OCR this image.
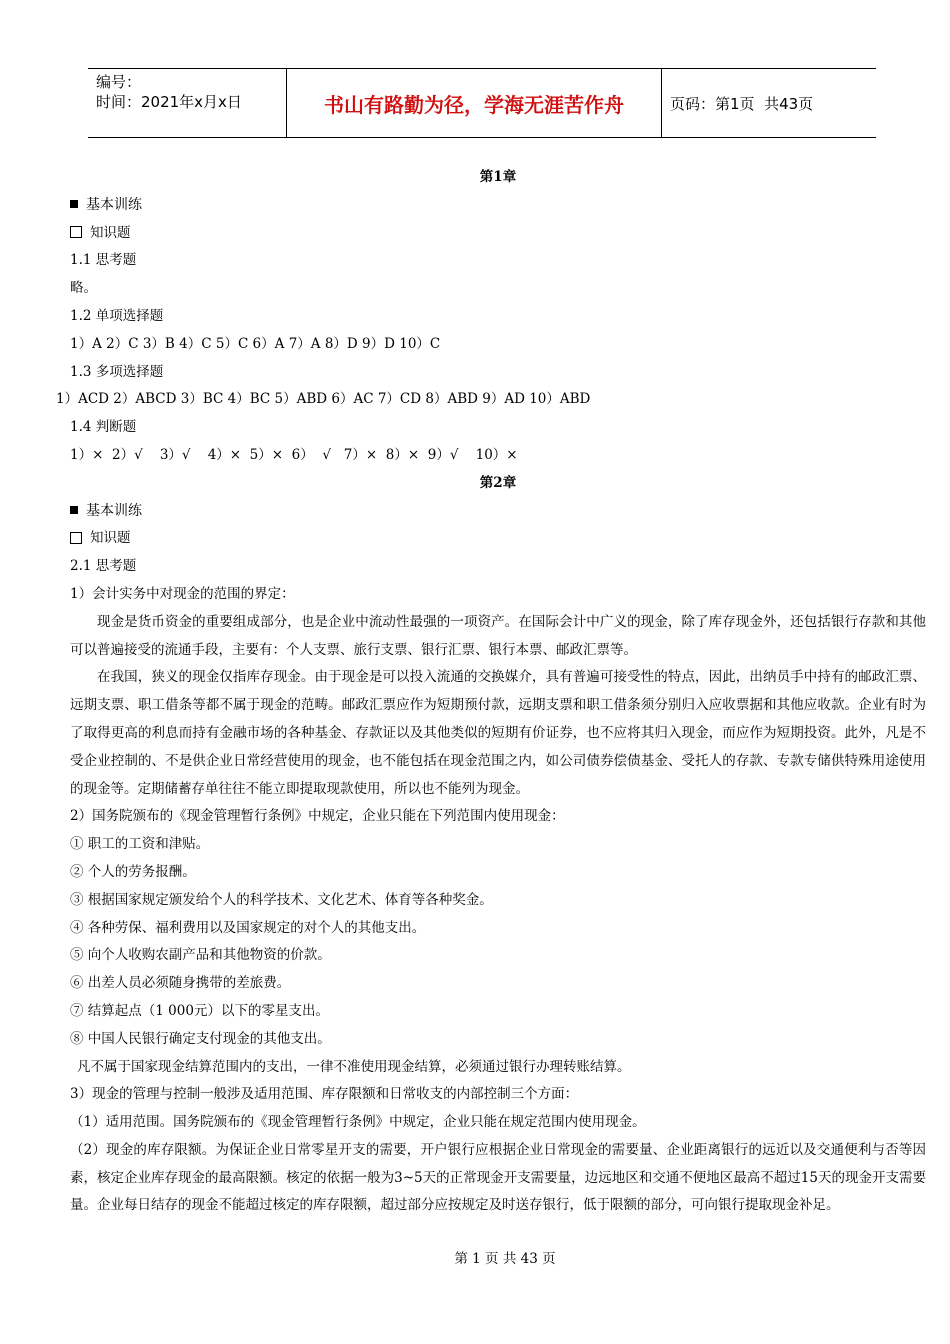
编号：
时间：2021年x月x日	书山有路勤为径，学海无涯苦作舟	页码：第1页  共43页
第1章
基本训练
知识题
1.1 思考题
略。
1.2 单项选择题
1）A 2）C 3）B 4）C 5）C 6）A 7）A 8）D 9）D 10）C
1.3 多项选择题
1）ACD 2）ABCD 3）BC 4）BC 5）ABD 6）AC 7）CD 8）ABD 9）AD 10）ABD
1.4 判断题
1）×  2）√    3）√    4）×  5）×  6）  √   7）×  8）×  9）√    10）×
第2章
基本训练
知识题
2.1 思考题
1）会计实务中对现金的范围的界定：

现金是货币资金的重要组成部分，也是企业中流动性最强的一项资产。在国际会计中广义的现金，除了库存现金外，还包括银行存款和其他可以普遍接受的流通手段，主要有：个人支票、旅行支票、银行汇票、银行本票、邮政汇票等。

在我国，狭义的现金仅指库存现金。由于现金是可以投入流通的交换媒介，具有普遍可接受性的特点，因此，出纳员手中持有的邮政汇票、远期支票、职工借条等都不属于现金的范畴。邮政汇票应作为短期预付款，远期支票和职工借条须分别归入应收票据和其他应收款。企业有时为了取得更高的利息而持有金融市场的各种基金、存款证以及其他类似的短期有价证券，也不应将其归入现金，而应作为短期投资。此外，凡是不受企业控制的、不是供企业日常经营使用的现金，也不能包括在现金范围之内，如公司债券偿债基金、受托人的存款、专款专储供特殊用途使用的现金等。定期储蓄存单往往不能立即提取现款使用，所以也不能列为现金。

2）国务院颁布的《现金管理暂行条例》中规定，企业只能在下列范围内使用现金：
① 职工的工资和津贴。
② 个人的劳务报酬。
③ 根据国家规定颁发给个人的科学技术、文化艺术、体育等各种奖金。
④ 各种劳保、福利费用以及国家规定的对个人的其他支出。
⑤ 向个人收购农副产品和其他物资的价款。
⑥ 出差人员必须随身携带的差旅费。
⑦ 结算起点（1 000元）以下的零星支出。
⑧ 中国人民银行确定支付现金的其他支出。
凡不属于国家现金结算范围内的支出，一律不准使用现金结算，必须通过银行办理转账结算。
3）现金的管理与控制一般涉及适用范围、库存限额和日常收支的内部控制三个方面：
（1）适用范围。国务院颁布的《现金管理暂行条例》中规定，企业只能在规定范围内使用现金。

（2）现金的库存限额。为保证企业日常零星开支的需要，开户银行应根据企业日常现金的需要量、企业距离银行的远近以及交通便利与否等因素，核定企业库存现金的最高限额。核定的依据一般为3~5天的正常现金开支需要量，边远地区和交通不便地区最高不超过15天的现金开支需要量。企业每日结存的现金不能超过核定的库存限额，超过部分应按规定及时送存银行，低于限额的部分，可向银行提取现金补足。

第 1 页 共 43 页
